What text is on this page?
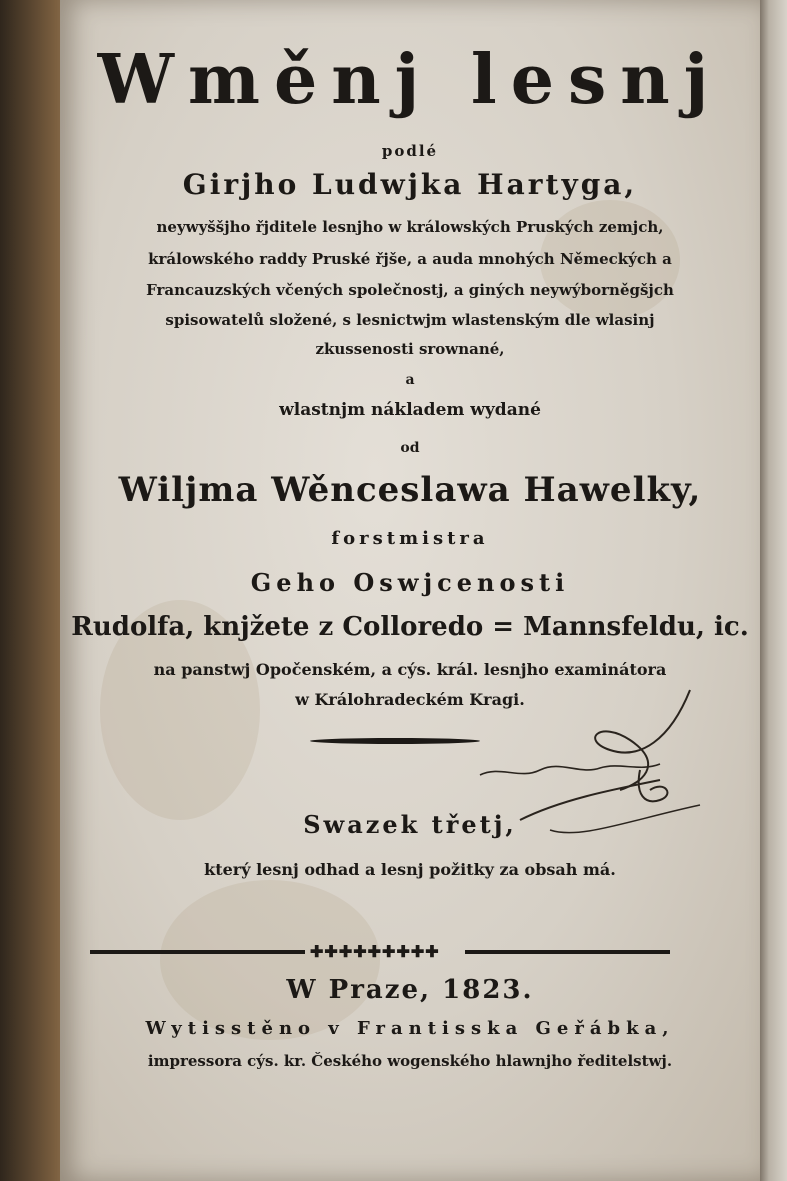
Wměnj lesnj

podlé

Girjho Ludwjka Hartyga,

neywyššjho řjditele lesnjho w králowských Pruských zemjch,

králowského raddy Pruské řjše, a auda mnohých Německých a

Francauzských včených společnostj, a giných neywýborněgšjch

spisowatelů složené, s lesnictwjm wlastenským dle wlasinj

zkussenosti srownané,

a

wlastnjm nákladem wydané

od

Wiljma Wěnceslawa Hawelky,

forstmistra

Geho Oswjcenosti

Rudolfa, knjžete z Colloredo = Mannsfeldu, ic.

na panstwj Opočenském, a cýs. král. lesnjho examinátora

w Králohradeckém Kragi.

Swazek třetj,

který lesnj odhad a lesnj požitky za obsah má.

✚✚✚✚✚✚✚✚✚

W Praze, 1823.

Wytisstěno v Frantisska Geřábka,

impressora cýs. kr. Českého wogenského hlawnjho ředitelstwj.
